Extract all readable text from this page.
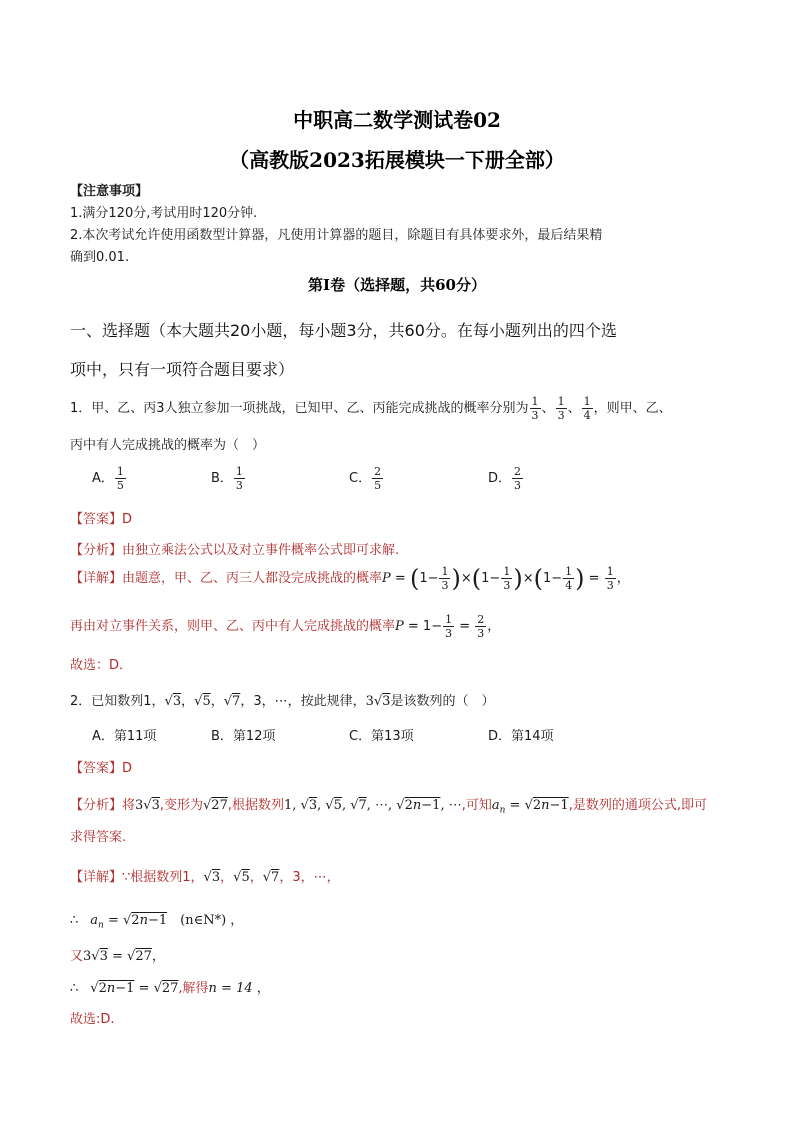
中职高二数学测试卷02
（高教版2023拓展模块一下册全部）
【注意事项】
1.满分120分,考试用时120分钟.
2.本次考试允许使用函数型计算器，凡使用计算器的题目，除题目有具体要求外，最后结果精
确到0.01.
第Ⅰ卷（选择题，共60分）
一、选择题（本大题共20小题，每小题3分，共60分。在每小题列出的四个选
项中，只有一项符合题目要求）
1．甲、乙、丙3人独立参加一项挑战，已知甲、乙、丙能完成挑战的概率分别为 $\frac{1}{3}$ 、 $\frac{1}{3}$ 、 $\frac{1}{4}$ ，则甲、乙、
丙中有人完成挑战的概率为（　）
A． $\frac{1}{5}$	B． $\frac{1}{3}$	C． $\frac{2}{5}$	D． $\frac{2}{3}$
【答案】D
【分析】由独立乘法公式以及对立事件概率公式即可求解.
【详解】由题意，甲、乙、丙三人都没完成挑战的概率$P = (1- \frac{1}{3} )\times(1- \frac{1}{3} )\times(1- \frac{1}{4}$ ) = $\frac{1}{3}$ ，
再由对立事件关系，则甲、乙、丙中有人完成挑战的概率$P = 1- \frac{1}{3} = \frac{2}{3}$ ，
故选：D．
2．已知数列1，√3，√5，√7，3，⋯，按此规律，3√3是该数列的（　）
A．第11项	B．第12项	C．第13项	D．第14项
【答案】D
【分析】将3√3,变形为√27,根据数列1, √3, √5, √7, ⋯, √2n−1, ⋯,可知$a_n = √2n-1$,是数列的通项公式,即可
求得答案.
【详解】∵根据数列1，√3，√5，√7，3，⋯，
∴ $a_n = √2n-1$　 (n∈N*) ，
又3√3 = √27，
∴ √2n−1 = √27,解得n = 14 ，
故选:D.
